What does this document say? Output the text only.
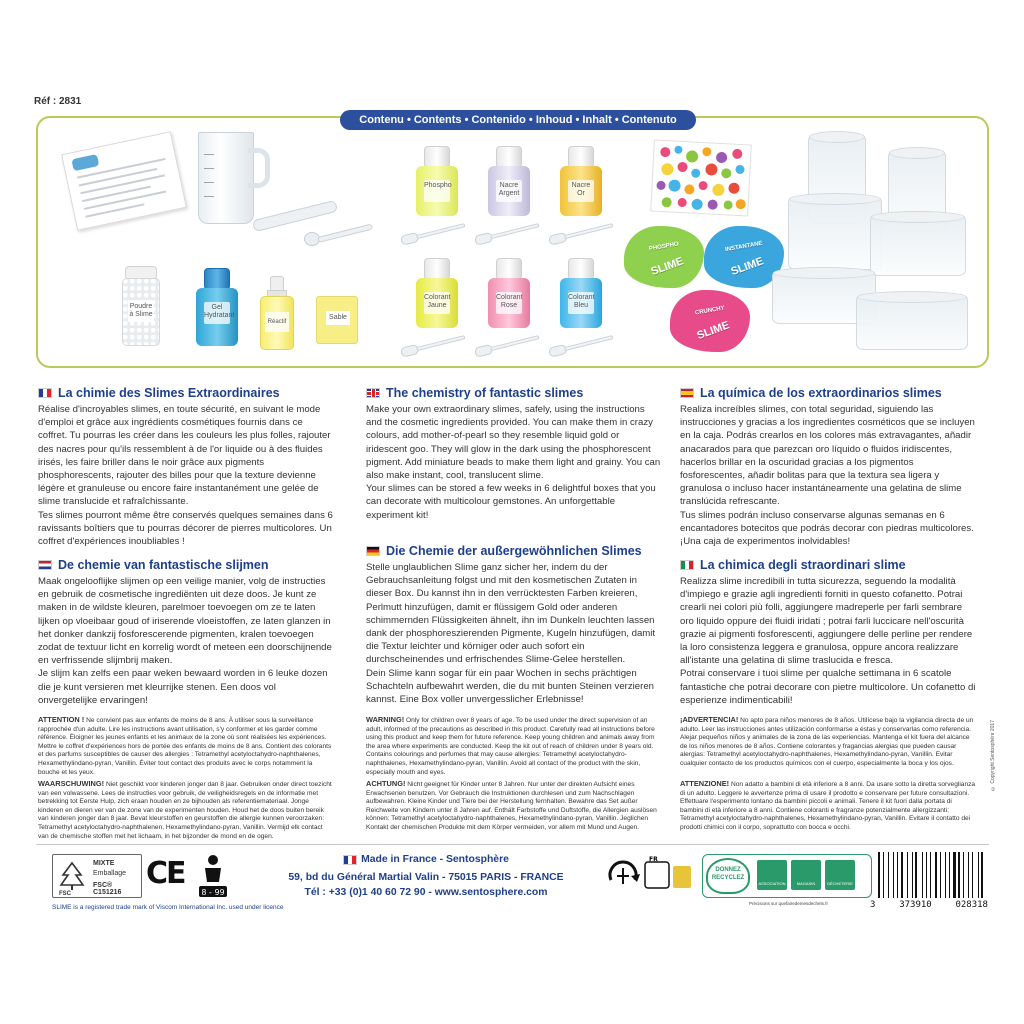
Réf : 2831
Contenu • Contents • Contenido • Inhoud • Inhalt • Contenuto
Phospho	Nacre Argent
Nacre Or
Colorant Jaune
Colorant Rose
Colorant Bleu
Poudre à Slime
Gel Hydratant
Réactif
Sable
SLIME
PHOSPHO
SLIME
INSTANTANE
CRUNCHY
SLIME
La chimie des Slimes Extraordinaires

Réalise d'incroyables slimes, en toute sécurité, en suivant le mode d'emploi et grâce aux ingrédients cosmétiques fournis dans ce coffret. Tu pourras les créer dans les couleurs les plus folles, rajouter des nacres pour qu'ils ressemblent à de l'or liquide ou à des fluides irisés, les faire briller dans le noir grâce aux pigments phosphorescents, rajouter des billes pour que la texture devienne légère et granuleuse ou encore faire instantanément une gelée de slime translucide et rafraîchissante.

Tes slimes pourront même être conservés quelques semaines dans 6 ravissants boîtiers que tu pourras décorer de pierres multicolores. Un coffret d'expériences inoubliables !

The chemistry of fantastic slimes

Make your own extraordinary slimes, safely, using the instructions and the cosmetic ingredients provided. You can make them in crazy colours, add mother-of-pearl so they resemble liquid gold or iridescent goo. They will glow in the dark using the phosphorescent pigment. Add miniature beads to make them light and grainy. You can also make instant, cool, translucent slime.

Your slimes can be stored a few weeks in 6 delightful boxes that you can decorate with multicolour gemstones. An unforgettable experiment kit!

La química de los extraordinarios slimes

Realiza increíbles slimes, con total seguridad, siguiendo las instrucciones y gracias a los ingredientes cosméticos que se incluyen en la caja. Podrás crearlos en los colores más extravagantes, añadir anacarados para que parezcan oro líquido o fluidos iridiscentes, hacerlos brillar en la oscuridad gracias a los pigmentos fosforescentes, añadir bolitas para que la textura sea ligera y granulosa o incluso hacer instantáneamente una gelatina de slime translúcida refrescante.

Tus slimes podrán incluso conservarse algunas semanas en 6 encantadores botecitos que podrás decorar con piedras multicolores. ¡Una caja de experimentos inolvidables!

De chemie van fantastische slijmen

Maak ongelooflijke slijmen op een veilige manier, volg de instructies en gebruik de cosmetische ingrediënten uit deze doos. Je kunt ze maken in de wildste kleuren, parelmoer toevoegen om ze te laten lijken op vloeibaar goud of iriserende vloeistoffen, ze laten glanzen in het donker dankzij fosforescerende pigmenten, kralen toevoegen zodat de textuur licht en korrelig wordt of meteen een doorschijnende en verfrissende slijmbrij maken.

Je slijm kan zelfs een paar weken bewaard worden in 6 leuke dozen die je kunt versieren met kleurrijke stenen. Een doos vol onvergetelijke ervaringen!

Die Chemie der außergewöhnlichen Slimes

Stelle unglaublichen Slime ganz sicher her, indem du der Gebrauchsanleitung folgst und mit den kosmetischen Zutaten in dieser Box. Du kannst ihn in den verrücktesten Farben kreieren, Perlmutt hinzufügen, damit er flüssigem Gold oder anderen schimmernden Flüssigkeiten ähnelt, ihn im Dunkeln leuchten lassen dank der phosphoreszierenden Pigmente, Kugeln hinzufügen, damit die Textur leichter und körniger oder auch sofort ein durchscheinendes und erfrischendes Slime-Gelee herstellen.

Dein Slime kann sogar für ein paar Wochen in sechs prächtigen Schachteln aufbewahrt werden, die du mit bunten Steinen verzieren kannst. Eine Box voller unvergesslicher Erlebnisse!

La chimica degli straordinari slime

Realizza slime incredibili in tutta sicurezza, seguendo la modalità d'impiego e grazie agli ingredienti forniti in questo cofanetto. Potrai crearli nei colori più folli, aggiungere madreperle per farli sembrare oro liquido oppure dei fluidi iridati ; potrai farli luccicare nell'oscurità grazie ai pigmenti fosforescenti, aggiungere delle perline per rendere la loro consistenza leggera e granulosa, oppure ancora realizzare all'istante una gelatina di slime traslucida e fresca.

Potrai conservare i tuoi slime per qualche settimana in 6 scatole fantastiche che potrai decorare con pietre multicolore. Un cofanetto di esperienze indimenticabili!

ATTENTION ! Ne convient pas aux enfants de moins de 8 ans. À utiliser sous la surveillance rapprochée d'un adulte. Lire les instructions avant utilisation, s'y conformer et les garder comme référence. Éloigner les jeunes enfants et les animaux de la zone où sont réalisées les expériences. Mettre le coffret d'expériences hors de portée des enfants de moins de 8 ans. Contient des colorants et des parfums susceptibles de causer des allergies : Tetramethyl acetyloctahydro-naphthalenes, Hexamethylindano-pyran, Vanillin. Éviter tout contact des produits avec le corps notamment la bouche et les yeux.
WAARSCHUWING! Niet geschikt voor kinderen jonger dan 8 jaar. Gebruiken onder direct toezicht van een volwassene. Lees de instructies voor gebruik, de veiligheidsregels en de informatie met betrekking tot Eerste Hulp, zich eraan houden en ze bijhouden als referentiemateriaal. Jonge kinderen en dieren ver van de zone van de experimenten houden. Houd het de doos buiten bereik van kinderen jonger dan 8 jaar. Bevat kleurstoffen en geurstoffen die allergie kunnen veroorzaken: Tetramethyl acetyloctahydro-naphthalenen, Hexamethylindano-pyran, Vanillin. Vermijd elk contact van de chemische stoffen met het lichaam, in het bijzonder de mond en de ogen.
WARNING! Only for children over 8 years of age. To be used under the direct supervision of an adult, informed of the precautions as described in this product. Carefully read all instructions before using this product and keep them for future reference. Keep young children and animals away from the area where experiments are conducted. Keep the kit out of reach of children under 8 years old. Contains colourings and perfumes that may cause allergies: Tetramethyl acetyloctahydro-naphthalenes, Hexamethylindano-pyran, Vanillin. Avoid all contact of the product with the skin, especially mouth and eyes.
ACHTUNG! Nicht geeignet für Kinder unter 8 Jahren. Nur unter der direkten Aufsicht eines Erwachsenen benutzen. Vor Gebrauch die Instruktionen durchlesen und zum Nachschlagen aufbewahren. Kleine Kinder und Tiere bei der Herstellung fernhalten. Bewahre das Set außer Reichweite von Kindern unter 8 Jahren auf. Enthält Farbstoffe und Duftstoffe, die Allergien auslösen können: Tetramethyl acetyloctahydro-naphthalenes, Hexamethylindano-pyran, Vanillin. Jeglichen Kontakt der chemischen Produkte mit dem Körper vermeiden, vor allem mit Mund und Augen.
¡ADVERTENCIA! No apto para niños menores de 8 años. Utilícese bajo la vigilancia directa de un adulto. Leer las instrucciones antes utilización conformarse a éstas y conservarlas como referencia. Alejar pequeños niños y animales de la zona de las experiencias. Mantenga el kit fuera del alcance de los niños menores de 8 años. Contiene colorantes y fragancias alergias que pueden causar alergias: Tetramethyl acetyloctahydro-naphthalenes, Hexamethylindano-pyran, Vanillin. Evitar cualquier contacto de los productos químicos con el cuerpo, especialmente la boca y los ojos.
ATTENZIONE! Non adatto a bambini di età inferiore a 8 anni. Da usare sotto la diretta sorveglianza di un adulto. Leggere le avvertenze prima di usare il prodotto e conservare per future consultazioni. Effettuare l'esperimento lontano da bambini piccoli e animali. Tenere il kit fuori dalla portata di bambini di età inferiore a 8 anni. Contiene coloranti e fragranze potenzialmente allergizzanti: Tetramethyl acetyloctahydro-naphthalenes, Hexamethylindano-pyran, Vanillin. Evitare il contatto dei prodotti chimici con il corpo, soprattutto con bocca e occhi.
MIXTE
Emballage
FSC® C151216
FSC
CE
8 - 99
SLIME is a registered trade mark of Viscom International Inc. used under licence
Made in France - Sentosphère
59, bd du Général Martial Valin - 75015 PARIS - FRANCE
Tél : +33 (0)1 40 60 72 90 - www.sentosphere.com
FR
DONNEZ RECYCLEZ
ASSOCIATION	MAGASIN	DÉCHETERIE
Précisions sur quefairedemesdechets.fr	3	373910	028318
© Copyright Sentosphère 2017
